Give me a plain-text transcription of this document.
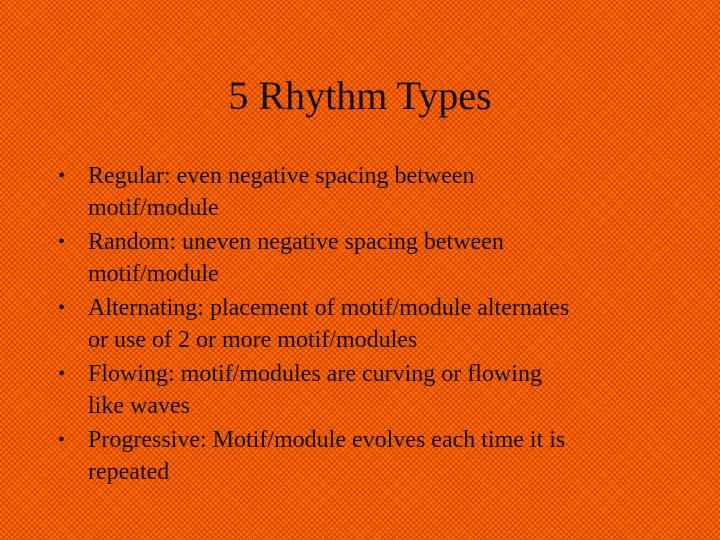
5 Rhythm Types
• Regular: even negative spacing between
motif/module
• Random: uneven negative spacing between
motif/module
• Alternating: placement of motif/module alternates
or use of 2 or more motif/modules
• Flowing: motif/modules are curving or flowing
like waves
• Progressive: Motif/module evolves each time it is
repeated
